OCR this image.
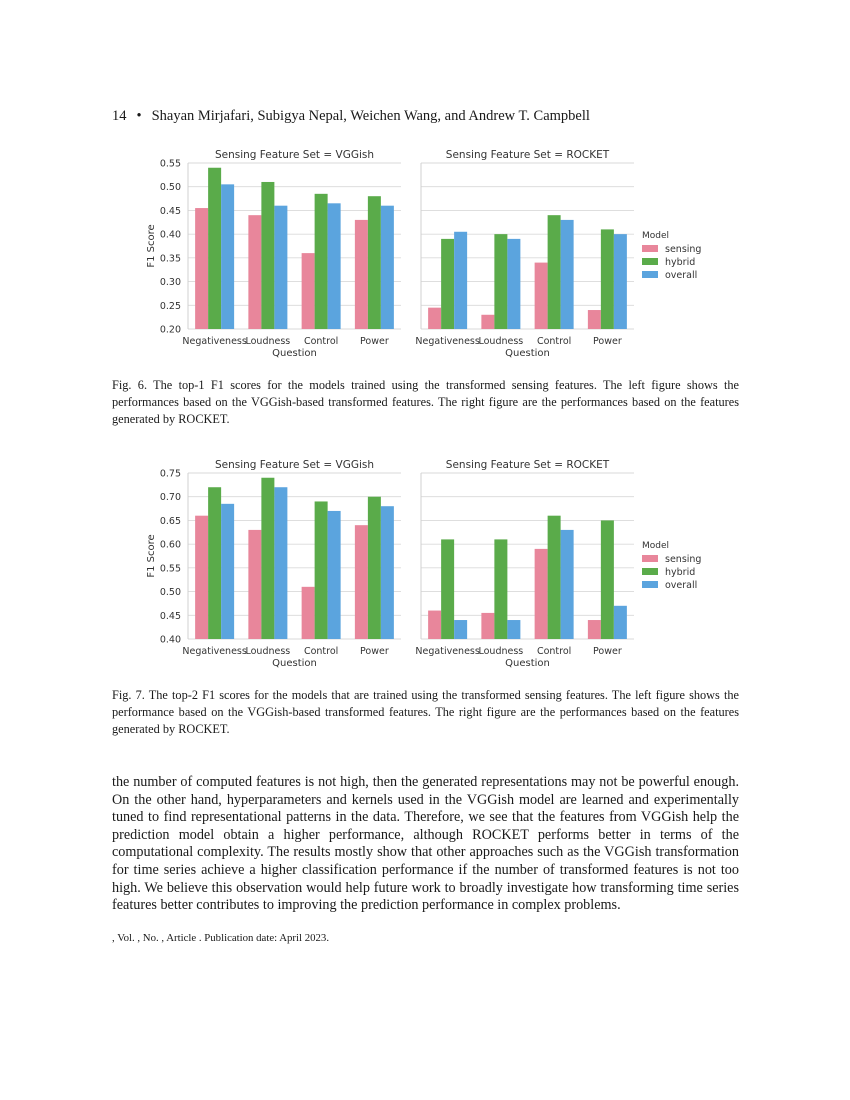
14 • Shayan Mirjafari, Subigya Nepal, Weichen Wang, and Andrew T. Campbell
Sensing Feature Set = VGGish
Negativeness
Loudness Control Power
Question
Sensing Feature Set = ROCKET
Negativeness
Loudness Control Power
Question
0.20
0.25
0.30
0.35
0.40
0.45
0.50
0.55
F1 Score	Model
sensing
hybrid
overall
Fig. 6. The top-1 F1 scores for the models trained using the transformed sensing features. The left figure shows the performances based on the VGGish-based transformed features. The right figure are the performances based on the features generated by ROCKET.
Sensing Feature Set = VGGish
Negativeness
Loudness Control Power
Question
Sensing Feature Set = ROCKET
Negativeness
Loudness Control Power
Question
0.40
0.45
0.50
0.55
0.60
0.65
0.70
0.75
F1 Score	Model
sensing
hybrid
overall
Fig. 7. The top-2 F1 scores for the models that are trained using the transformed sensing features. The left figure shows the performance based on the VGGish-based transformed features. The right figure are the performances based on the features generated by ROCKET.
the number of computed features is not high, then the generated representations may not be powerful enough. On the other hand, hyperparameters and kernels used in the VGGish model are learned and experimentally tuned to find representational patterns in the data. Therefore, we see that the features from VGGish help the prediction model obtain a higher performance, although ROCKET performs better in terms of the computational complexity. The results mostly show that other approaches such as the VGGish transformation for time series achieve a higher classification performance if the number of transformed features is not too high. We believe this observation would help future work to broadly investigate how transforming time series features better contributes to improving the prediction performance in complex problems.
, Vol. , No. , Article . Publication date: April 2023.
